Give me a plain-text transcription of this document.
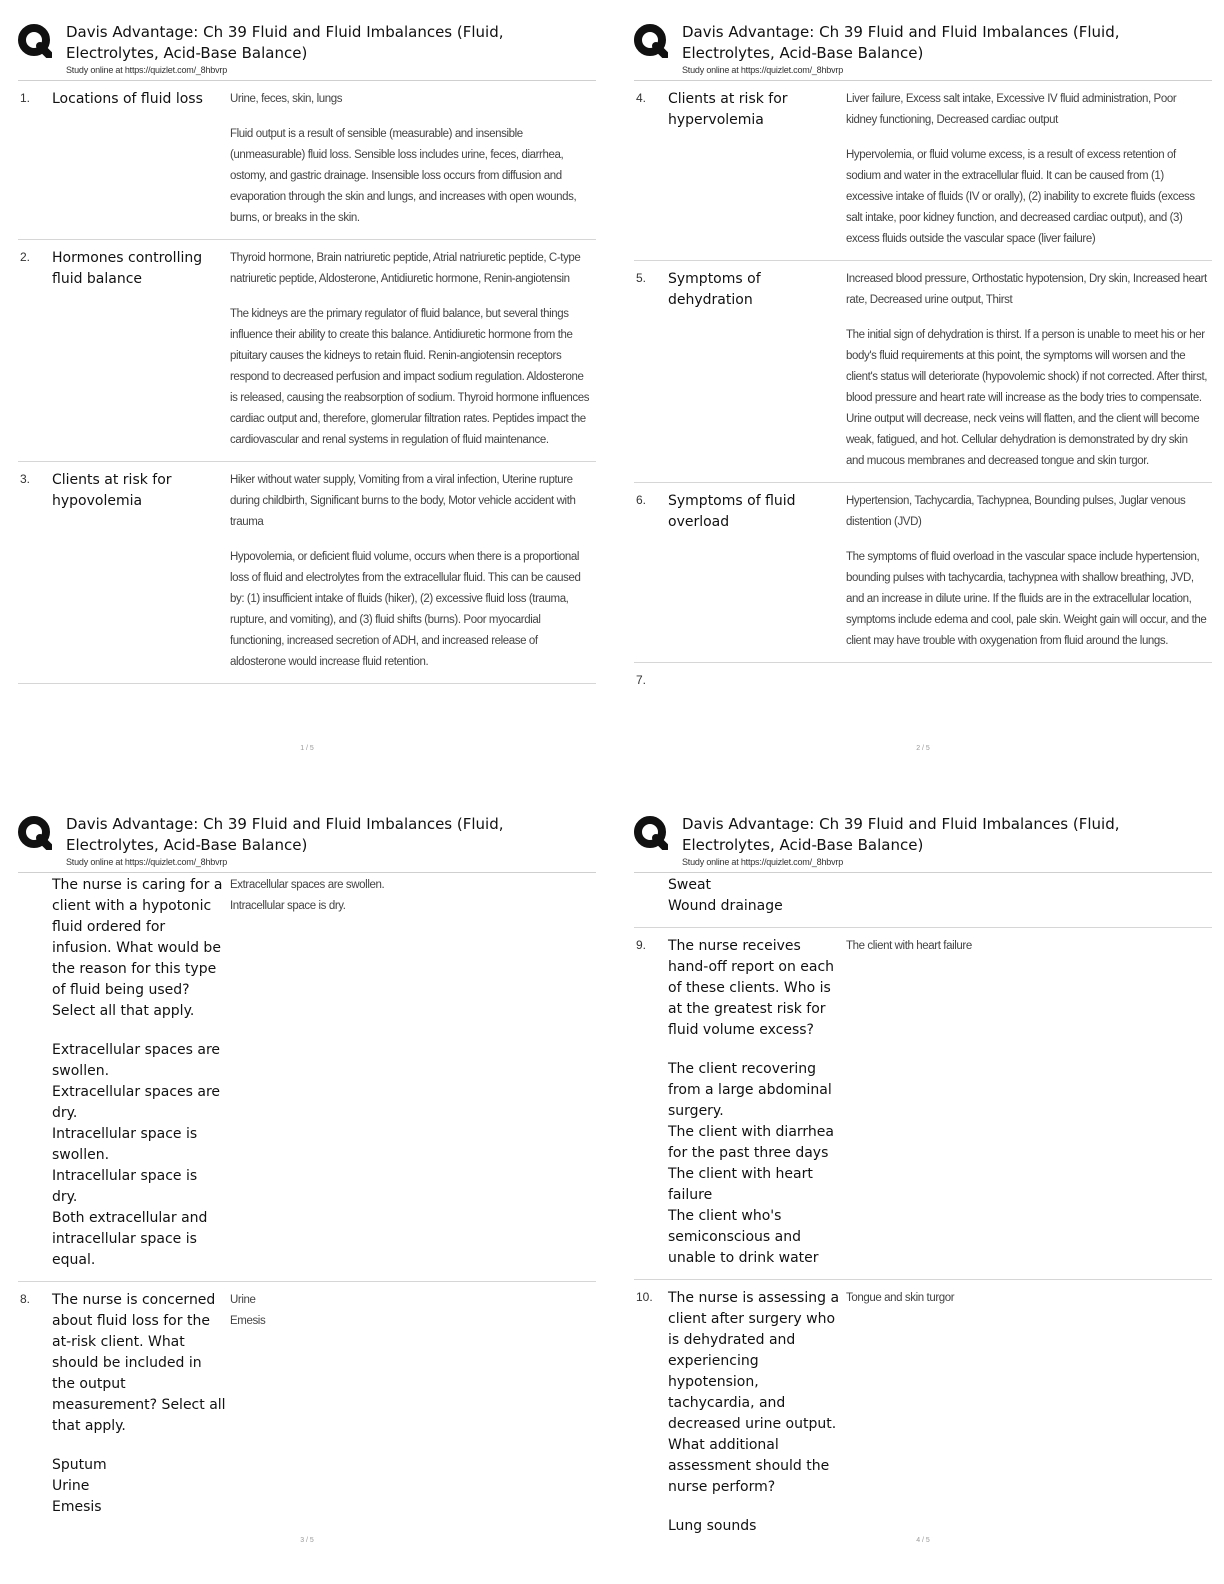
Davis Advantage: Ch 39 Fluid and Fluid Imbalances (Fluid, Electrolytes, Acid-Base Balance)
Study online at https://quizlet.com/_8hbvrp
1.	Locations of fluid loss	Urine, feces, skin, lungs

Fluid output is a result of sensible (measurable) and insensible (unmeasurable) fluid loss. Sensible loss includes urine, feces, diarrhea, ostomy, and gastric drainage. Insensible loss occurs from diffusion and evaporation through the skin and lungs, and increases with open wounds, burns, or breaks in the skin.

2.	Hormones controlling fluid balance

Thyroid hormone, Brain natriuretic peptide, Atrial natriuretic peptide, C-type natriuretic peptide, Aldosterone, Antidiuretic hormone, Renin-angiotensin

The kidneys are the primary regulator of fluid balance, but several things influence their ability to create this balance. Antidiuretic hormone from the pituitary causes the kidneys to retain fluid. Renin-angiotensin receptors respond to decreased perfusion and impact sodium regulation. Aldosterone is released, causing the reabsorption of sodium. Thyroid hormone influences cardiac output and, therefore, glomerular filtration rates. Peptides impact the cardiovascular and renal systems in regulation of fluid maintenance.

3.	Clients at risk for hypovolemia

Hiker without water supply, Vomiting from a viral infection, Uterine rupture during childbirth, Significant burns to the body, Motor vehicle accident with trauma

Hypovolemia, or deficient fluid volume, occurs when there is a proportional loss of fluid and electrolytes from the extracellular fluid. This can be caused by: (1) insufficient intake of fluids (hiker), (2) excessive fluid loss (trauma, rupture, and vomiting), and (3) fluid shifts (burns). Poor myocardial functioning, increased secretion of ADH, and increased release of aldosterone would increase fluid retention.

1 / 5
Davis Advantage: Ch 39 Fluid and Fluid Imbalances (Fluid, Electrolytes, Acid-Base Balance)
Study online at https://quizlet.com/_8hbvrp
4.	Clients at risk for hypervolemia

Liver failure, Excess salt intake, Excessive IV fluid administration, Poor kidney functioning, Decreased cardiac output

Hypervolemia, or fluid volume excess, is a result of excess retention of sodium and water in the extracellular fluid. It can be caused from (1) excessive intake of fluids (IV or orally), (2) inability to excrete fluids (excess salt intake, poor kidney function, and decreased cardiac output), and (3) excess fluids outside the vascular space (liver failure)

5.	Symptoms of dehydration

Increased blood pressure, Orthostatic hypotension, Dry skin, Increased heart rate, Decreased urine output, Thirst

The initial sign of dehydration is thirst. If a person is unable to meet his or her body's fluid requirements at this point, the symptoms will worsen and the client's status will deteriorate (hypovolemic shock) if not corrected. After thirst, blood pressure and heart rate will increase as the body tries to compensate. Urine output will decrease, neck veins will flatten, and the client will become weak, fatigued, and hot. Cellular dehydration is demonstrated by dry skin and mucous membranes and decreased tongue and skin turgor.

6.	Symptoms of fluid overload

Hypertension, Tachycardia, Tachypnea, Bounding pulses, Juglar venous distention (JVD)

The symptoms of fluid overload in the vascular space include hypertension, bounding pulses with tachycardia, tachypnea with shallow breathing, JVD, and an increase in dilute urine. If the fluids are in the extracellular location, symptoms include edema and cool, pale skin. Weight gain will occur, and the client may have trouble with oxygenation from fluid around the lungs.

7.

2 / 5
Davis Advantage: Ch 39 Fluid and Fluid Imbalances (Fluid, Electrolytes, Acid-Base Balance)
Study online at https://quizlet.com/_8hbvrp

The nurse is caring for a client with a hypotonic fluid ordered for infusion. What would be the reason for this type of fluid being used? Select all that apply.

Extracellular spaces are swollen.
Extracellular spaces are dry.
Intracellular space is swollen.
Intracellular space is dry.
Both extracellular and intracellular space is equal.

Extracellular spaces are swollen.
Intracellular space is dry.
8.	The nurse is concerned about fluid loss for the at-risk client. What should be included in the output measurement? Select all that apply.

Sputum
Urine
Emesis

Urine
Emesis
3 / 5
Davis Advantage: Ch 39 Fluid and Fluid Imbalances (Fluid, Electrolytes, Acid-Base Balance)
Study online at https://quizlet.com/_8hbvrp
Sweat
Wound drainage
9.	The nurse receives hand-off report on each of these clients. Who is at the greatest risk for fluid volume excess?

The client recovering from a large abdominal surgery.
The client with diarrhea for the past three days
The client with heart failure
The client who's semiconscious and unable to drink water

The client with heart failure
10.	The nurse is assessing a client after surgery who is dehydrated and experiencing hypotension, tachycardia, and decreased urine output. What additional assessment should the nurse perform?

Lung sounds

Tongue and skin turgor
4 / 5
